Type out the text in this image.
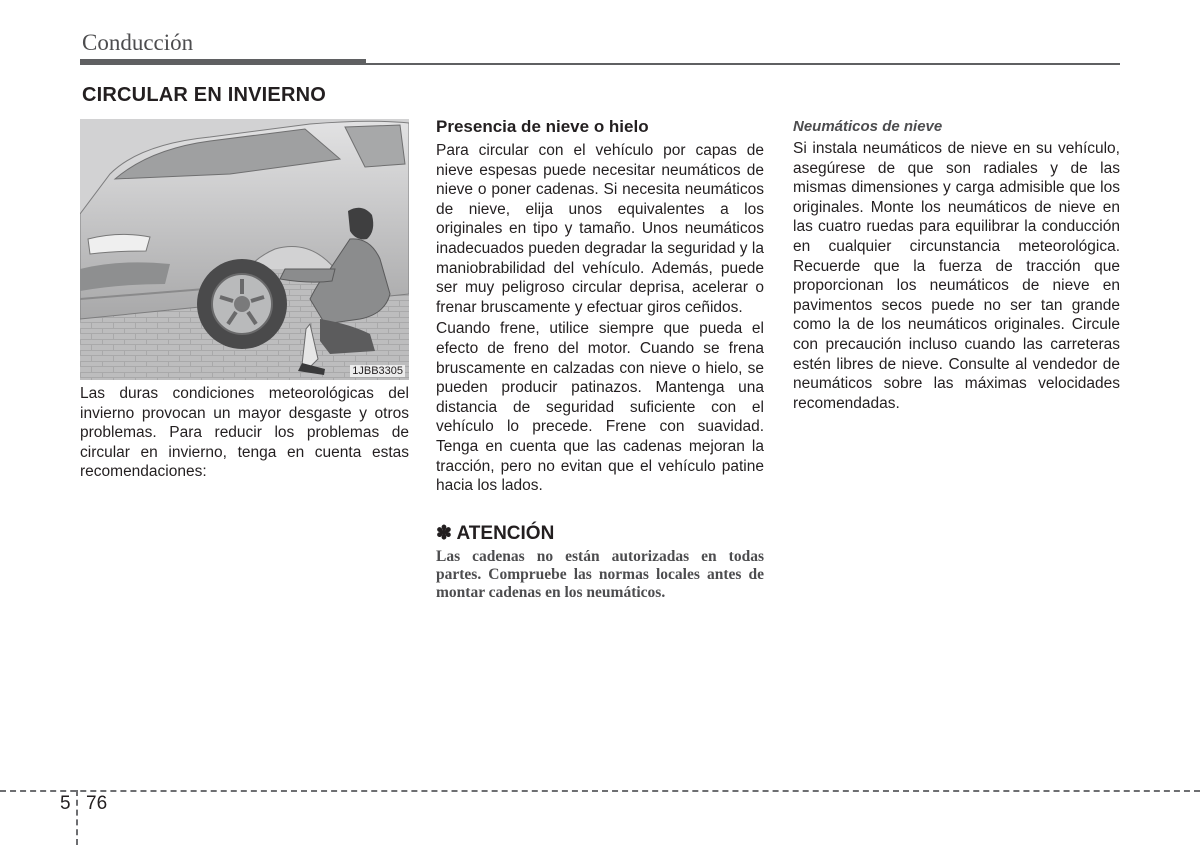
Conducción
CIRCULAR EN INVIERNO
1JBB3305

Las duras condiciones meteorológicas del invierno provocan un mayor desgaste y otros problemas. Para reducir los problemas de circular en invierno, tenga en cuenta estas recomendaciones:

Presencia de nieve o hielo

Para circular con el vehículo por capas de nieve espesas puede necesitar neumáticos de nieve o poner cadenas. Si necesita neumáticos de nieve, elija unos equivalentes a los originales en tipo y tamaño. Unos neumáticos inadecuados pueden degradar la seguridad y la maniobrabilidad del vehículo. Además, puede ser muy peligroso circular deprisa, acelerar o frenar bruscamente y efectuar giros ceñidos.

Cuando frene, utilice siempre que pueda el efecto de freno del motor. Cuando se frena bruscamente en calzadas con nieve o hielo, se pueden producir patinazos. Mantenga una distancia de seguridad suficiente con el vehículo lo precede. Frene con suavidad. Tenga en cuenta que las cadenas mejoran la tracción, pero no evitan que el vehículo patine hacia los lados.

✽ ATENCIÓN

Las cadenas no están autorizadas en todas partes. Compruebe las normas locales antes de montar cadenas en los neumáticos.

Neumáticos de nieve

Si instala neumáticos de nieve en su vehículo, asegúrese de que son radiales y de las mismas dimensiones y carga admisible que los originales. Monte los neumáticos de nieve en las cuatro ruedas para equilibrar la conducción en cualquier circunstancia meteorológica. Recuerde que la fuerza de tracción que proporcionan los neumáticos de nieve en pavimentos secos puede no ser tan grande como la de los neumáticos originales. Circule con precaución incluso cuando las carreteras estén libres de nieve. Consulte al vendedor de neumáticos sobre las máximas velocidades recomendadas.

5 76
